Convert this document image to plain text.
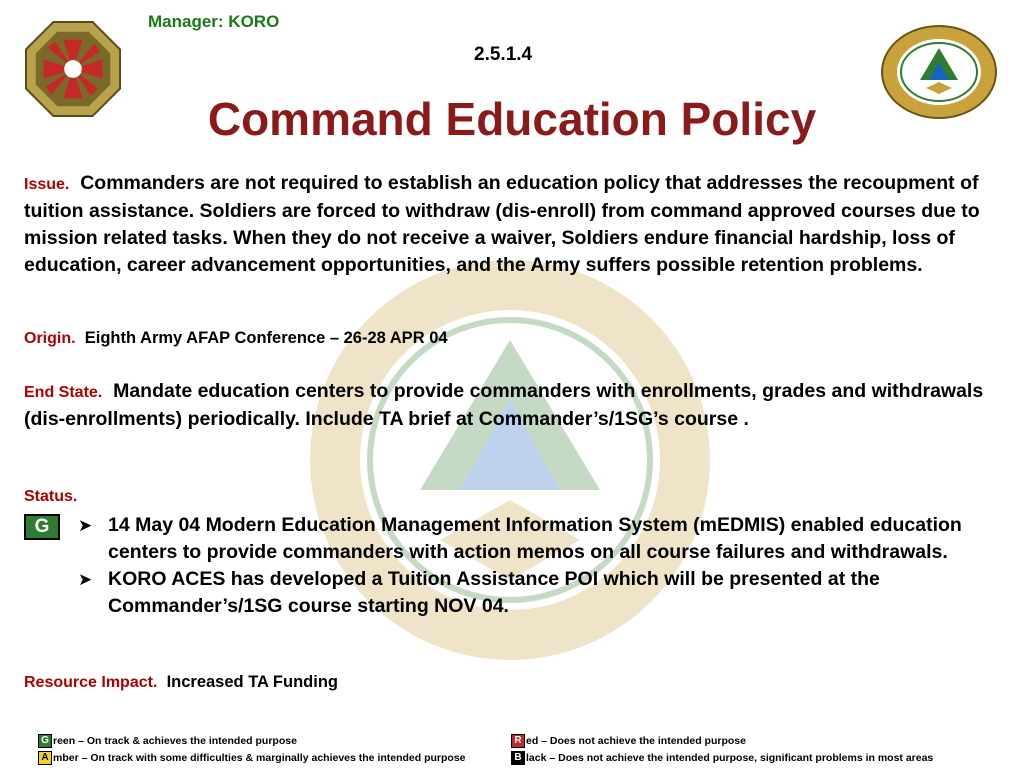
Manager: KORO
2.5.1.4
Command Education Policy
Issue. Commanders are not required to establish an education policy that addresses the recoupment of tuition assistance. Soldiers are forced to withdraw (dis-enroll) from command approved courses due to mission related tasks. When they do not receive a waiver, Soldiers endure financial hardship, loss of education, career advancement opportunities, and the Army suffers possible retention problems.
Origin. Eighth Army AFAP Conference – 26-28 APR 04
End State. Mandate education centers to provide commanders with enrollments, grades and withdrawals (dis-enrollments) periodically. Include TA brief at Commander’s/1SG’s course .
Status.
G	➤ 14 May 04 Modern Education Management Information System (mEDMIS) enabled education centers to provide commanders with action memos on all course failures and withdrawals.
➤ KORO ACES has developed a Tuition Assistance POI which will be presented at the Commander’s/1SG course starting NOV 04.
Resource Impact. Increased TA Funding
G reen – On track & achieves the intended purpose
A mber – On track with some difficulties & marginally achieves the intended purpose
R ed – Does not achieve the intended purpose
B lack – Does not achieve the intended purpose, significant problems in most areas
